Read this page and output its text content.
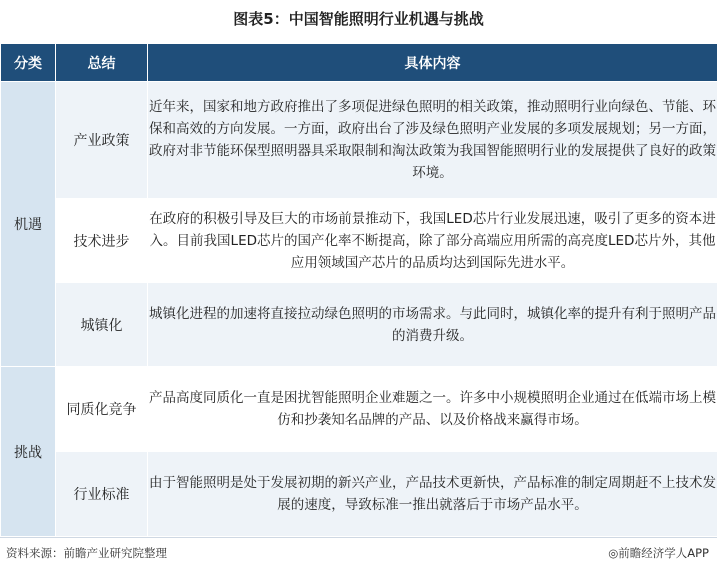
图表5：中国智能照明行业机遇与挑战
分类	总结	具体内容
机遇	产业政策	近年来，国家和地方政府推出了多项促进绿色照明的相关政策，推动照明行业向绿色、节能、环保和高效的方向发展。一方面，政府出台了涉及绿色照明产业发展的多项发展规划；另一方面，政府对非节能环保型照明器具采取限制和淘汰政策为我国智能照明行业的发展提供了良好的政策环境。
	技术进步	在政府的积极引导及巨大的市场前景推动下，我国LED芯片行业发展迅速，吸引了更多的资本进入。目前我国LED芯片的国产化率不断提高，除了部分高端应用所需的高亮度LED芯片外，其他应用领域国产芯片的品质均达到国际先进水平。
	城镇化	城镇化进程的加速将直接拉动绿色照明的市场需求。与此同时，城镇化率的提升有利于照明产品的消费升级。
挑战	同质化竞争	产品高度同质化一直是困扰智能照明企业难题之一。许多中小规模照明企业通过在低端市场上模仿和抄袭知名品牌的产品、以及价格战来赢得市场。
	行业标准	由于智能照明是处于发展初期的新兴产业，产品技术更新快，产品标准的制定周期赶不上技术发展的速度，导致标准一推出就落后于市场产品水平。
资料来源：前瞻产业研究院整理	◎前瞻经济学人APP
